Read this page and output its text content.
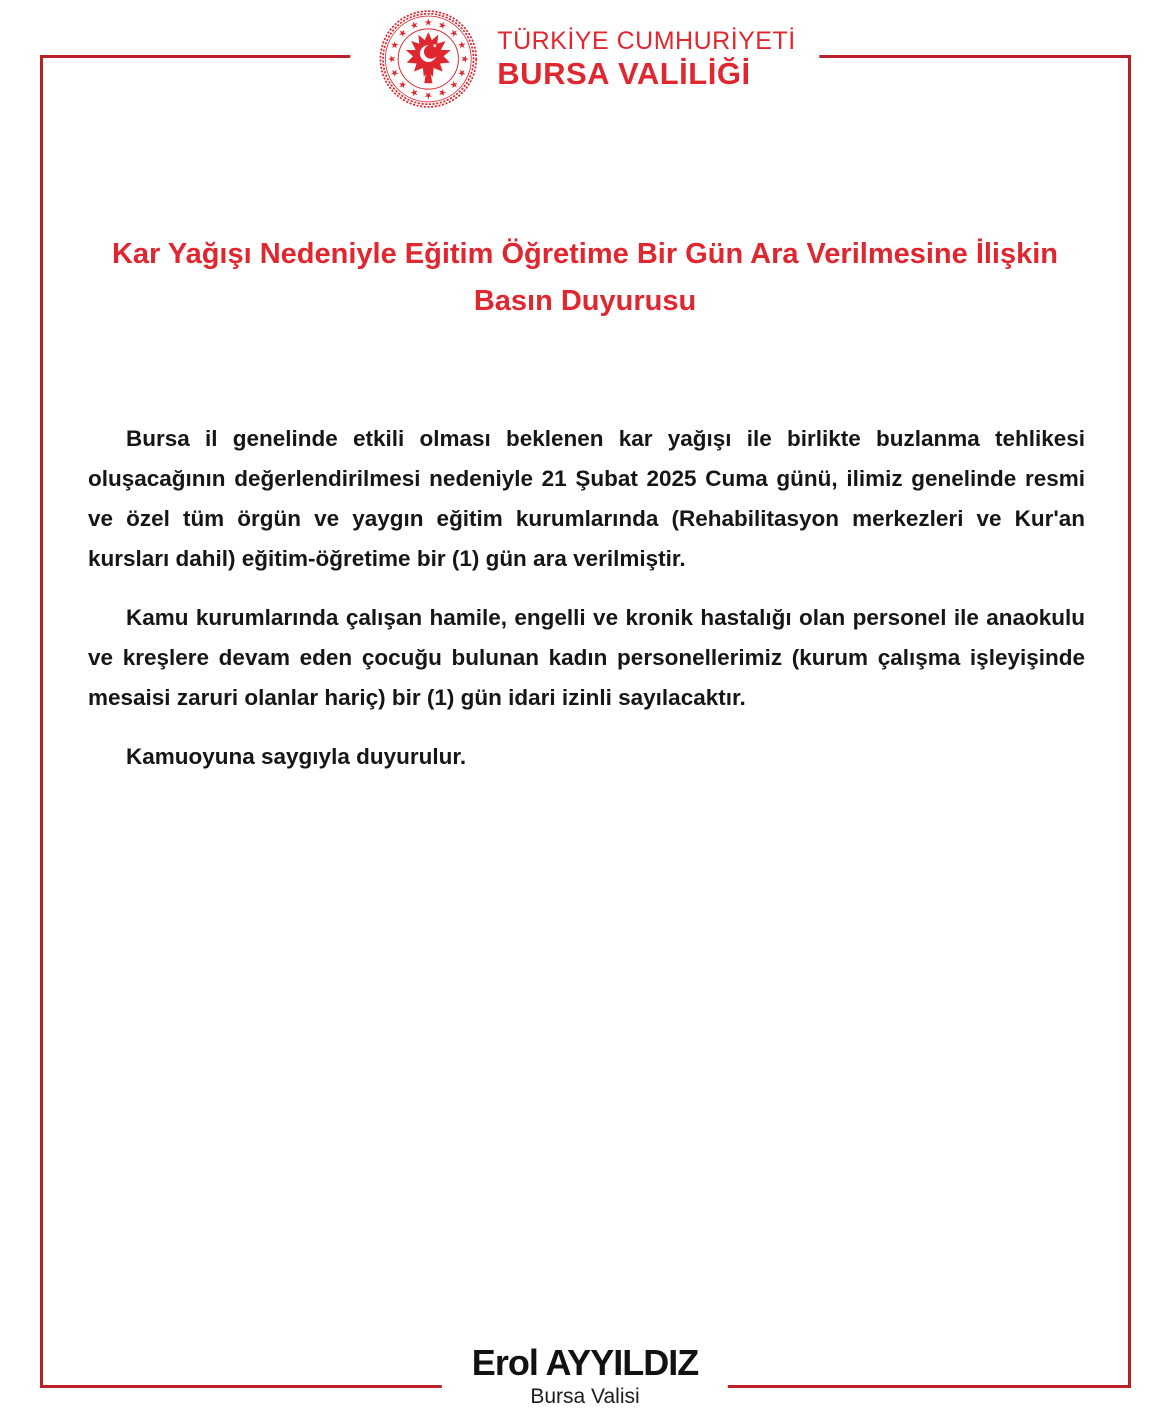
TÜRKİYE CUMHURİYETİ
BURSA VALİLİĞİ
Kar Yağışı Nedeniyle Eğitim Öğretime Bir Gün Ara Verilmesine İlişkin
Basın Duyurusu

Bursa il genelinde etkili olması beklenen kar yağışı ile birlikte buzlanma tehlikesi oluşacağının değerlendirilmesi nedeniyle 21 Şubat 2025 Cuma günü, ilimiz genelinde resmi ve özel tüm örgün ve yaygın eğitim kurumlarında (Rehabilitasyon merkezleri ve Kur'an kursları dahil) eğitim-öğretime bir (1) gün ara verilmiştir.

Kamu kurumlarında çalışan hamile, engelli ve kronik hastalığı olan personel ile anaokulu ve kreşlere devam eden çocuğu bulunan kadın personellerimiz (kurum çalışma işleyişinde mesaisi zaruri olanlar hariç) bir (1) gün idari izinli sayılacaktır.

Kamuoyuna saygıyla duyurulur.

Erol AYYILDIZ
Bursa Valisi
